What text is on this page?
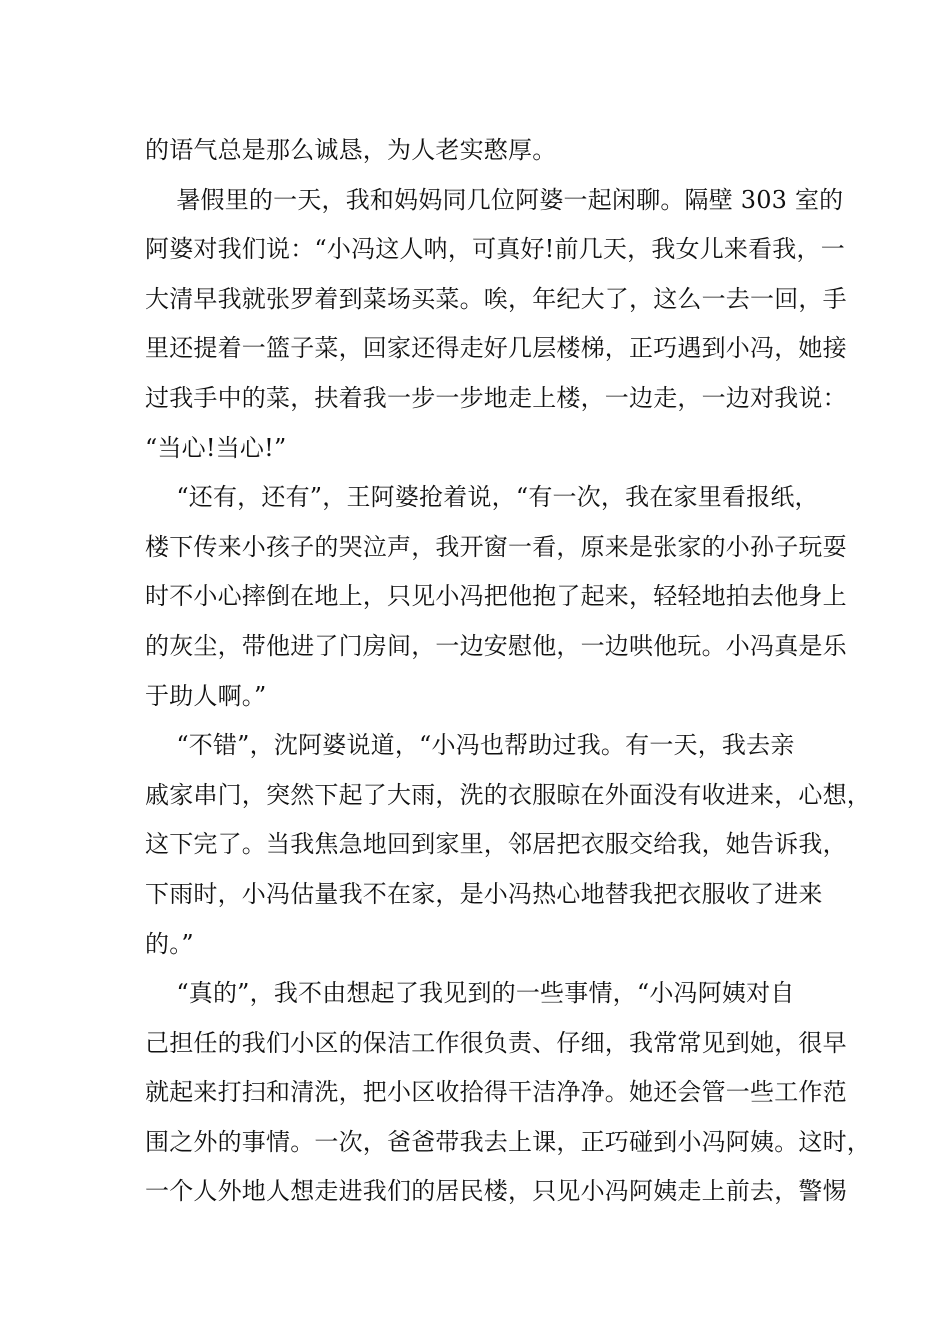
的语气总是那么诚恳，为人老实憨厚。
暑假里的一天，我和妈妈同几位阿婆一起闲聊。隔壁 303 室的
阿婆对我们说：“小冯这人呐，可真好!前几天，我女儿来看我，一
大清早我就张罗着到菜场买菜。唉，年纪大了，这么一去一回，手
里还提着一篮子菜，回家还得走好几层楼梯，正巧遇到小冯，她接
过我手中的菜，扶着我一步一步地走上楼，一边走，一边对我说：
“当心!当心!”
“还有，还有”，王阿婆抢着说，“有一次，我在家里看报纸，
楼下传来小孩子的哭泣声，我开窗一看，原来是张家的小孙子玩耍
时不小心摔倒在地上，只见小冯把他抱了起来，轻轻地拍去他身上
的灰尘，带他进了门房间，一边安慰他，一边哄他玩。小冯真是乐
于助人啊。”
“不错”，沈阿婆说道，“小冯也帮助过我。有一天，我去亲
戚家串门，突然下起了大雨，洗的衣服晾在外面没有收进来，心想，
这下完了。当我焦急地回到家里，邻居把衣服交给我，她告诉我，
下雨时，小冯估量我不在家，是小冯热心地替我把衣服收了进来
的。”
“真的”，我不由想起了我见到的一些事情，“小冯阿姨对自
己担任的我们小区的保洁工作很负责、仔细，我常常见到她，很早
就起来打扫和清洗，把小区收拾得干洁净净。她还会管一些工作范
围之外的事情。一次，爸爸带我去上课，正巧碰到小冯阿姨。这时，
一个人外地人想走进我们的居民楼，只见小冯阿姨走上前去，警惕
